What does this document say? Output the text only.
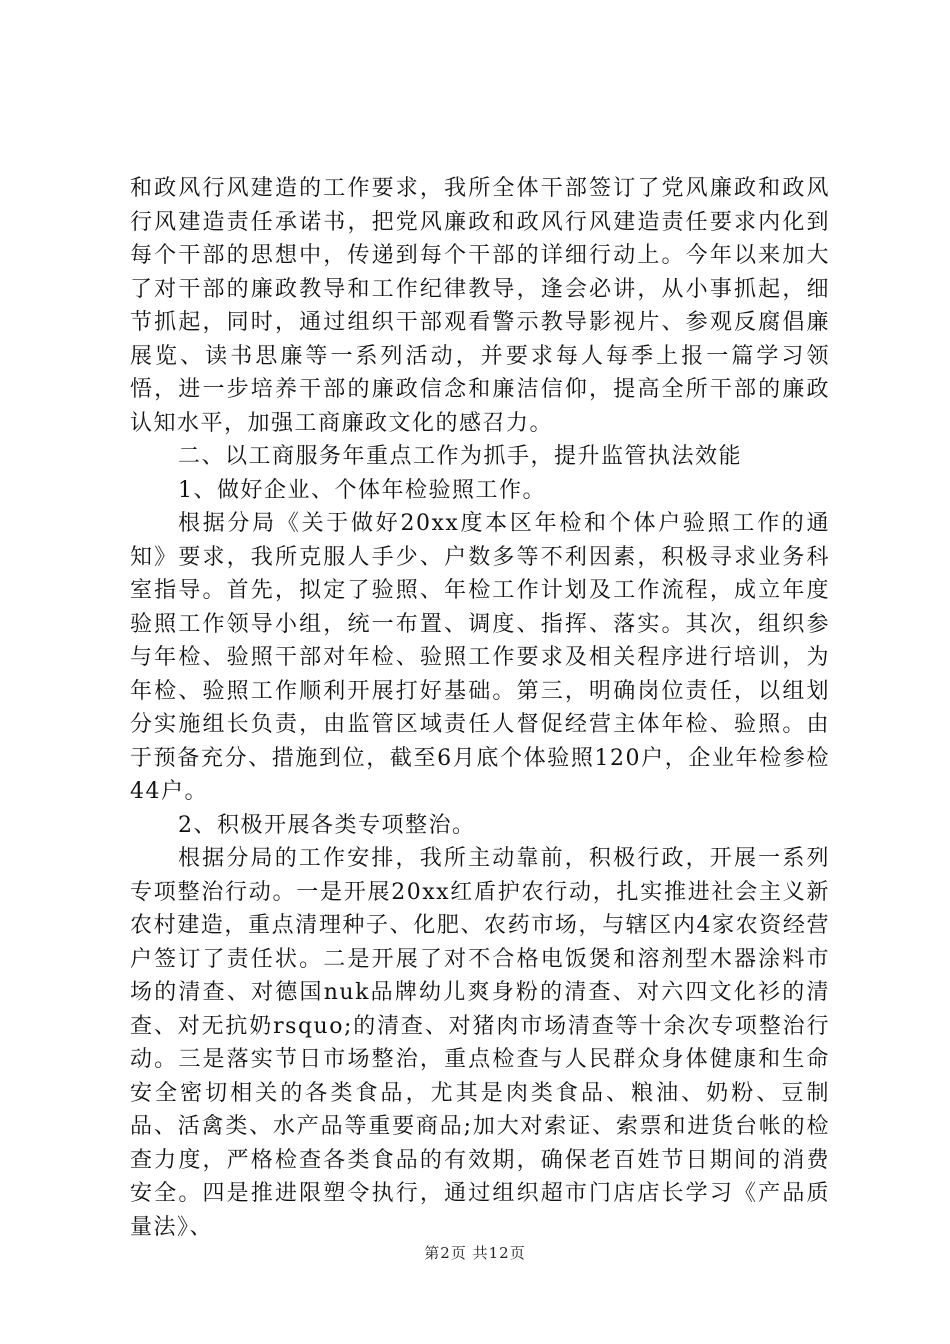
和政风行风建造的工作要求，我所全体干部签订了党风廉政和政风行风建造责任承诺书，把党风廉政和政风行风建造责任要求内化到每个干部的思想中，传递到每个干部的详细行动上。今年以来加大了对干部的廉政教导和工作纪律教导，逢会必讲，从小事抓起，细节抓起，同时，通过组织干部观看警示教导影视片、参观反腐倡廉展览、读书思廉等一系列活动，并要求每人每季上报一篇学习领悟，进一步培养干部的廉政信念和廉洁信仰，提高全所干部的廉政认知水平，加强工商廉政文化的感召力。

二、以工商服务年重点工作为抓手，提升监管执法效能

1、做好企业、个体年检验照工作。

根据分局《关于做好20xx度本区年检和个体户验照工作的通知》要求，我所克服人手少、户数多等不利因素，积极寻求业务科室指导。首先，拟定了验照、年检工作计划及工作流程，成立年度验照工作领导小组，统一布置、调度、指挥、落实。其次，组织参与年检、验照干部对年检、验照工作要求及相关程序进行培训，为年检、验照工作顺利开展打好基础。第三，明确岗位责任，以组划分实施组长负责，由监管区域责任人督促经营主体年检、验照。由于预备充分、措施到位，截至6月底个体验照120户，企业年检参检44户。

2、积极开展各类专项整治。

根据分局的工作安排，我所主动靠前，积极行政，开展一系列专项整治行动。一是开展20xx红盾护农行动，扎实推进社会主义新农村建造，重点清理种子、化肥、农药市场，与辖区内4家农资经营户签订了责任状。二是开展了对不合格电饭煲和溶剂型木器涂料市场的清查、对德国nuk品牌幼儿爽身粉的清查、对六四文化衫的清查、对无抗奶rsquo;的清查、对猪肉市场清查等十余次专项整治行动。三是落实节日市场整治，重点检查与人民群众身体健康和生命安全密切相关的各类食品，尤其是肉类食品、粮油、奶粉、豆制品、活禽类、水产品等重要商品;加大对索证、索票和进货台帐的检查力度，严格检查各类食品的有效期，确保老百姓节日期间的消费安全。四是推进限塑令执行，通过组织超市门店店长学习《产品质量法》、

第2页 共12页
